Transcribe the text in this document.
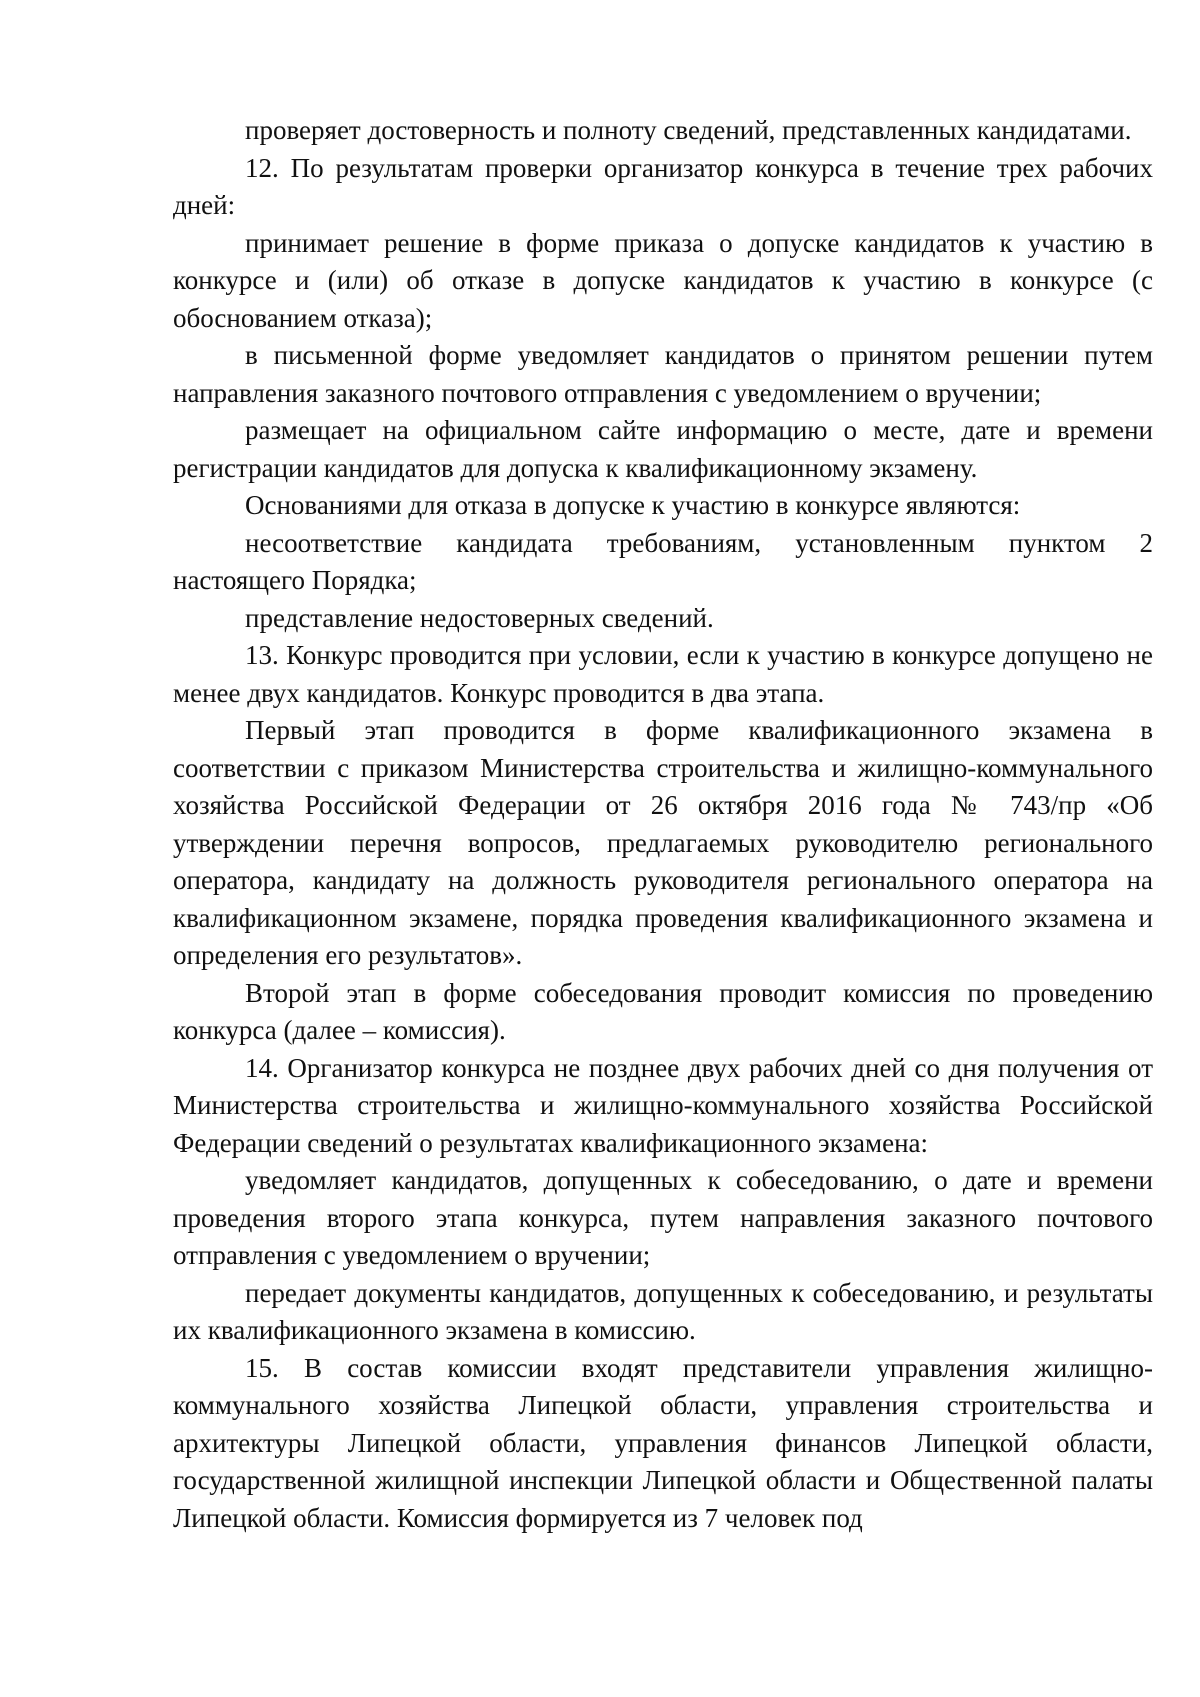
проверяет достоверность и полноту сведений, представленных кандидатами.

12. По результатам проверки организатор конкурса в течение трех рабочих дней:

принимает решение в форме приказа о допуске кандидатов к участию в конкурсе и (или) об отказе в допуске кандидатов к участию в конкурсе (с обоснованием отказа);

в письменной форме уведомляет кандидатов о принятом решении путем направления заказного почтового отправления с уведомлением о вручении;

размещает на официальном сайте информацию о месте, дате и времени регистрации кандидатов для допуска к квалификационному экзамену.

Основаниями для отказа в допуске к участию в конкурсе являются:

несоответствие кандидата требованиям, установленным пунктом 2 настоящего Порядка;

представление недостоверных сведений.

13. Конкурс проводится при условии, если к участию в конкурсе допущено не менее двух кандидатов. Конкурс проводится в два этапа.

Первый этап проводится в форме квалификационного экзамена в соответствии с приказом Министерства строительства и жилищно-коммунального хозяйства Российской Федерации от 26 октября 2016 года № 743/пр «Об утверждении перечня вопросов, предлагаемых руководителю регионального оператора, кандидату на должность руководителя регионального оператора на квалификационном экзамене, порядка проведения квалификационного экзамена и определения его результатов».

Второй этап в форме собеседования проводит комиссия по проведению конкурса (далее – комиссия).

14. Организатор конкурса не позднее двух рабочих дней со дня получения от Министерства строительства и жилищно-коммунального хозяйства Российской Федерации сведений о результатах квалификационного экзамена:

уведомляет кандидатов, допущенных к собеседованию, о дате и времени проведения второго этапа конкурса, путем направления заказного почтового отправления с уведомлением о вручении;

передает документы кандидатов, допущенных к собеседованию, и результаты их квалификационного экзамена в комиссию.

15. В состав комиссии входят представители управления жилищно-коммунального хозяйства Липецкой области, управления строительства и архитектуры Липецкой области, управления финансов Липецкой области, государственной жилищной инспекции Липецкой области и Общественной палаты Липецкой области. Комиссия формируется из 7 человек под
